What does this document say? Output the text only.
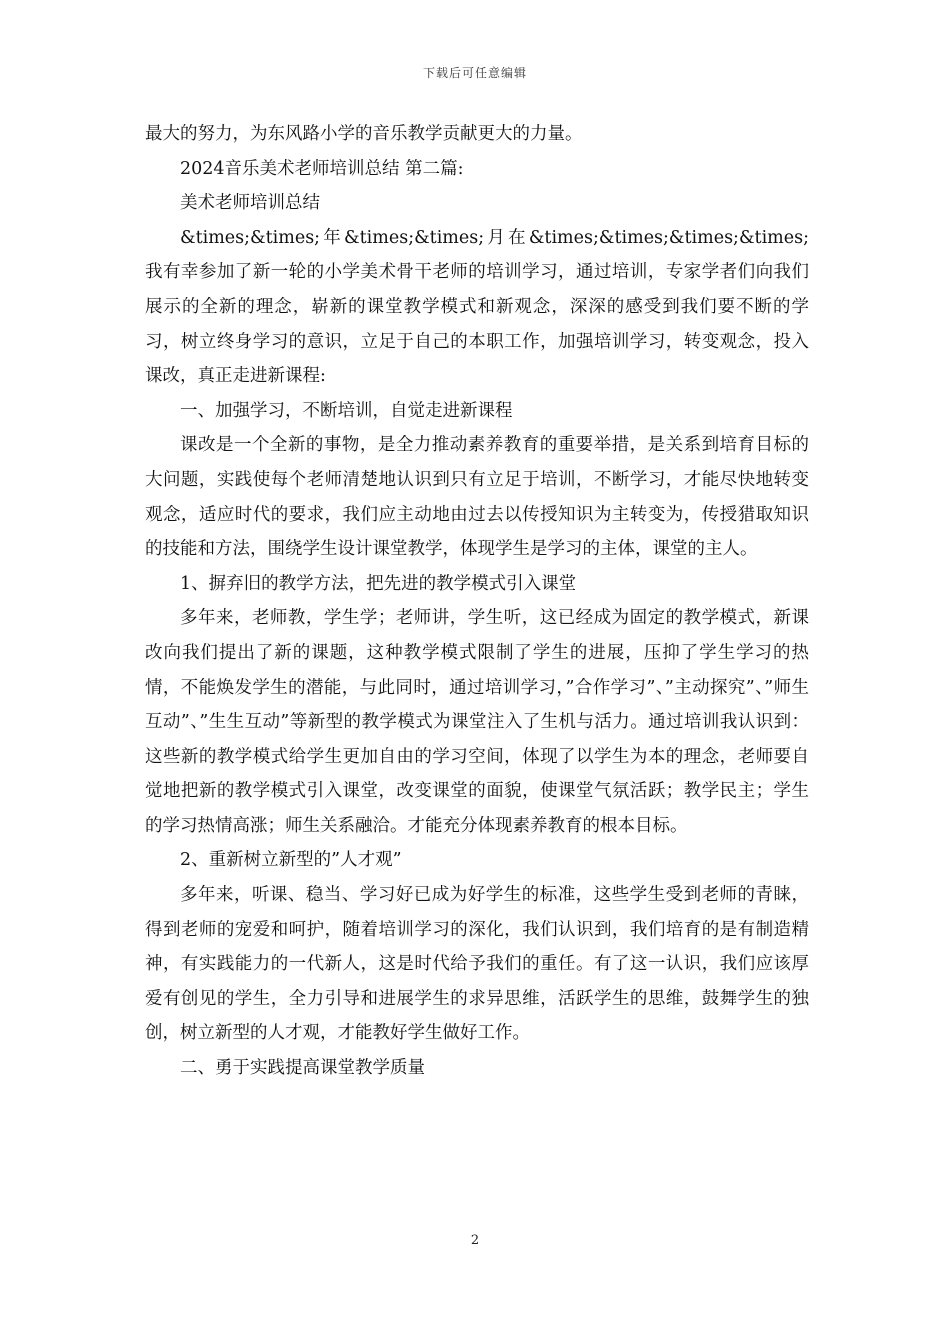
下载后可任意编辑

最大的努力，为东风路小学的音乐教学贡献更大的力量。

2024音乐美术老师培训总结 第二篇:

美术老师培训总结

&times;&times;年&times;&times;月在&times;&times;&times;&times;我有幸参加了新一轮的小学美术骨干老师的培训学习，通过培训，专家学者们向我们展示的全新的理念，崭新的课堂教学模式和新观念，深深的感受到我们要不断的学习，树立终身学习的意识，立足于自己的本职工作，加强培训学习，转变观念，投入课改，真正走进新课程:

一、加强学习，不断培训，自觉走进新课程

课改是一个全新的事物，是全力推动素养教育的重要举措，是关系到培育目标的大问题，实践使每个老师清楚地认识到只有立足于培训，不断学习，才能尽快地转变观念，适应时代的要求，我们应主动地由过去以传授知识为主转变为，传授猎取知识的技能和方法，围绕学生设计课堂教学，体现学生是学习的主体，课堂的主人。

1、摒弃旧的教学方法，把先进的教学模式引入课堂

多年来，老师教，学生学；老师讲，学生听，这已经成为固定的教学模式，新课改向我们提出了新的课题，这种教学模式限制了学生的进展，压抑了学生学习的热情，不能焕发学生的潜能，与此同时，通过培训学习，”合作学习”、”主动探究”、”师生互动”、”生生互动”等新型的教学模式为课堂注入了生机与活力。通过培训我认识到：这些新的教学模式给学生更加自由的学习空间，体现了以学生为本的理念，老师要自觉地把新的教学模式引入课堂，改变课堂的面貌，使课堂气氛活跃；教学民主；学生的学习热情高涨；师生关系融洽。才能充分体现素养教育的根本目标。

2、重新树立新型的”人才观”

多年来，听课、稳当、学习好已成为好学生的标准，这些学生受到老师的青睐，得到老师的宠爱和呵护，随着培训学习的深化，我们认识到，我们培育的是有制造精神，有实践能力的一代新人，这是时代给予我们的重任。有了这一认识，我们应该厚爱有创见的学生，全力引导和进展学生的求异思维，活跃学生的思维，鼓舞学生的独创，树立新型的人才观，才能教好学生做好工作。

二、勇于实践提高课堂教学质量

2
